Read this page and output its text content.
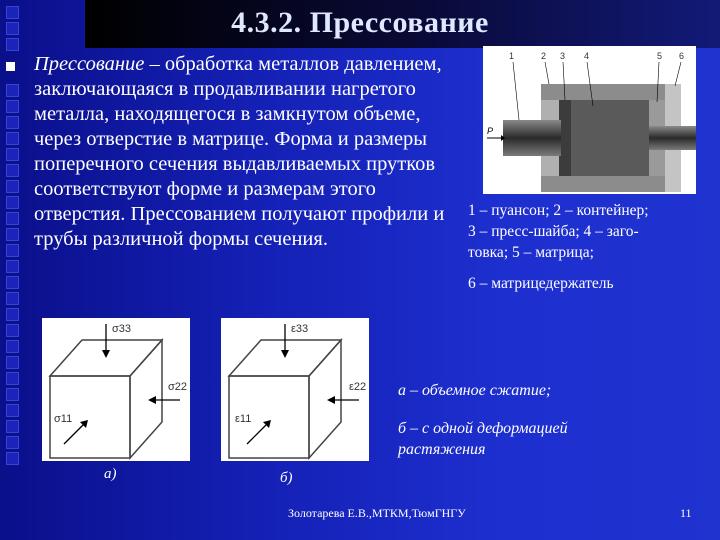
4.3.2. Прессование
Прессование – обработка металлов давлением, заключающаяся в продавливании нагретого металла, находящегося в замкнутом объеме, через отверстие в матрице. Форма и размеры поперечного сечения выдавливаемых прутков соответствуют форме и размерам этого отверстия. Прессованием получают профили и трубы различной формы сечения.
P
1	2 3 4	5 6
1 – пуансон; 2 – контейнер;
3 – пресс-шайба; 4 – заго-
товка; 5 – матрица;
6 – матрицедержатель
σ33
σ22
σ11
а)
ε33
ε22
ε11
б)
а – объемное сжатие;
б – с одной деформацией
растяжения
Золотарева Е.В.,МТКМ,ТюмГНГУ	11
